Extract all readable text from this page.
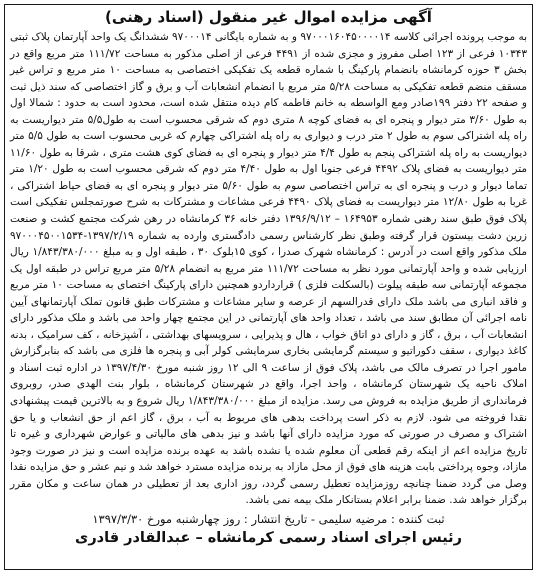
آگهی مزایده اموال غیر منقول (اسناد رهنی)

به موجب پرونده اجرائی کلاسه ۹۷۰۰۰۱۶۰۴۵۰۰۰۰۱۴ و به شماره بایگانی ۹۷۰۰۰۱۴ ششدانگ یک واحد آپارتمان پلاک ثبتی ۱۰۳۴۳ فرعی از ۱۲۳ اصلی مفروز و مجزی شده از ۴۴۹۱ فرعی از اصلی مذکور به مساحت ۱۱۱/۷۲ متر مربع واقع در بخش ۳ حوزه کرمانشاه بانضمام پارکینگ با شماره قطعه یک تفکیکی اختصاصی به مساحت ۱۰ متر مربع و تراس غیر مسقف منضم قطعه تفکیکی به مساحت ۵/۲۸ متر مربع با انضمام انشعابات آب و برق و گاز اختصاصی که سند ذیل ثبت و صفحه ۲۲ دفتر ۱۹۹صادر ومع الواسطه به خانم فاطمه کام دیده منتقل شده است، محدود است به حدود : شمالا اول به طول ۳/۶۰ متر دیوار و پنجره ای به فضای کوچه ۸ متری دوم که شرقی محسوب است به طول۵/۵ متر دیواریست به راه پله اشتراکی سوم به طول ۲ متر درب و دیواری به راه پله اشتراکی چهارم که غربی محسوب است به طول ۵/۵ متر دیواریست به راه پله اشتراکی پنجم به طول ۴/۴ متر دیوار و پنجره ای به فضای کوی هشت متری ، شرقا به طول ۱۱/۶۰ متر دیواریست به فضای پلاک ۴۴۹۲ فرعی جنوبا اول به طول ۴/۴۰ متر دوم که شرقی محسوب است به طول ۱/۲۰ متر تماما دیوار و درب و پنجره ای به تراس اختصاصی سوم به طول ۵/۶۰ متر دیوار و پنجره ای به فضای حیاط اشتراکی ، غربا به طول ۱۲/۸۰ متر دیواریست به فضای پلاک ۴۴۹۰ فرعی مشاعات و مشترکات به شرح صورتمجلس تفکیکی است پلاک فوق طبق سند رهنی شماره ۱۶۴۹۵۳ – ۱۳۹۶/۹/۱۲ دفتر خانه ۳۶ کرمانشاه در رهن شرکت مجتمع کشت و صنعت زرین دشت بیستون قرار گرفته وطبق نظر کارشناس رسمی دادگستری وارده به شماره ۱۳۹۷/۲/۱۹-۹۷۰۰۰۴۵۰۰۱۵۳۴ ملک مذکور واقع است در آدرس : کرمانشاه شهرک صدرا ، کوی ۱۵بلوک ۳۰ ، طبقه اول و به مبلغ ۱/۸۴۳/۳۸۰/۰۰۰ ریال ارزیابی شده و واحد آپارتمانی مورد نظر به مساحت ۱۱۱/۷۲ متر مربع به انضمام ۵/۲۸ متر مربع تراس در طبقه اول یک مجموعه آپارتمانی سه طبقه پیلوت (بالسکلت فلزی ) قرارداردو همچنین دارای پارکینگ اختصای به مساحت ۱۰ متر مربع و فاقد انباری می باشد ملک دارای قدرالسهم از عرصه و سایر مشاعات و مشترکات طبق قانون تملک آپارتمانهای آیین نامه اجرائی آن مطابق سند می باشد ، تعداد واحد های آپارتمانی در این مجتمع چهار واحد می باشد و ملک مذکور دارای انشعابات آب ، برق ، گاز و دارای دو اتاق خواب ، هال و پذیرایی ، سرویسهای بهداشتی ، آشپزخانه ، کف سرامیک ، بدنه کاغذ دیواری ، سقف دکوراتیو و سیستم گرمایشی بخاری سرمایشی کولر آبی و پنجره ها فلزی می باشد که بنابرگزارش مامور اجرا در تصرف مالک می باشد، پلاک فوق از ساعت ۹ الی ۱۲ روز شنبه مورخ ۱۳۹۷/۴/۳۰ در اداره ثبت اسناد و املاک ناحیه یک شهرستان کرمانشاه ، واحد اجرا، واقع در شهرستان کرمانشاه ، بلوار بنت الهدی صدر، روبروی فرمانداری از طریق مزایده به فروش می رسد. مزایده از مبلغ ۱/۸۴۳/۳۸۰/۰۰۰ ریال شروع و به بالاترین قیمت پیشنهادی نقدا فروخته می شود. لازم به ذکر است پرداخت بدهی های مربوط به آب ، برق ، گاز اعم از حق انشعاب و یا حق اشتراک و مصرف در صورتی که مورد مزایده دارای آنها باشد و نیز بدهی های مالیاتی و عوارض شهرداری و غیره تا تاریخ مزایده اعم از اینکه رقم قطعی آن معلوم شده یا نشده باشد به عهده برنده مزایده است و نیز در صورت وجود مازاد، وجوه پرداختی بابت هزینه های فوق از محل مازاد به برنده مزایده مسترد خواهد شد و نیم عشر و حق مزایده نقدا وصل می گردد ضمنا چنانچه روزمزایده تعطیل رسمی گردد، روز اداری بعد از تعطیلی در همان ساعت و مکان مقرر برگزار خواهد شد. ضمنا برابر اعلام بستانکار ملک بیمه نمی باشد.

ثبت کننده : مرضیه سلیمی - تاریخ انتشار : روز چهارشنبه مورخ ۱۳۹۷/۳/۳۰
رئیس اجرای اسناد رسمی کرمانشاه – عبدالقادر قادری
